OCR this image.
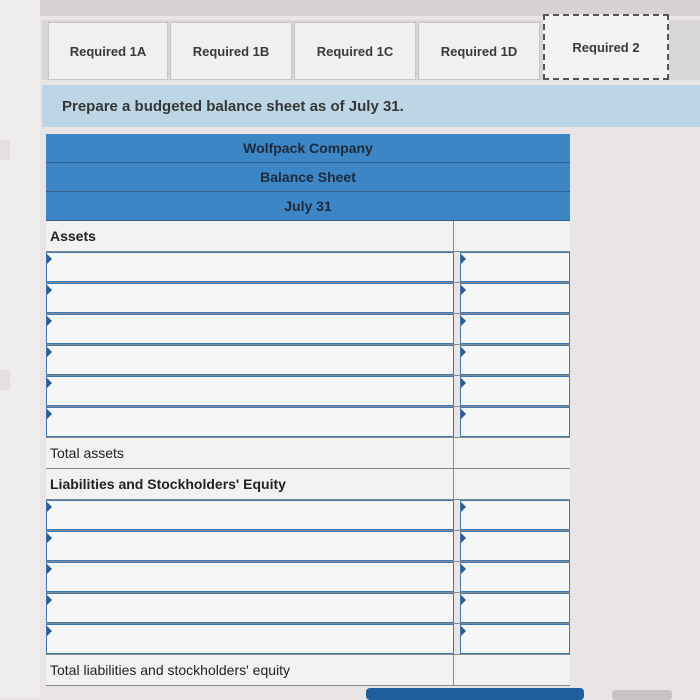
Required 1A	Required 1B	Required 1C	Required 1D	Required 2
Prepare a budgeted balance sheet as of July 31.
Wolfpack Company
Balance Sheet
July 31
Assets
Total assets
Liabilities and Stockholders' Equity
Total liabilities and stockholders' equity
